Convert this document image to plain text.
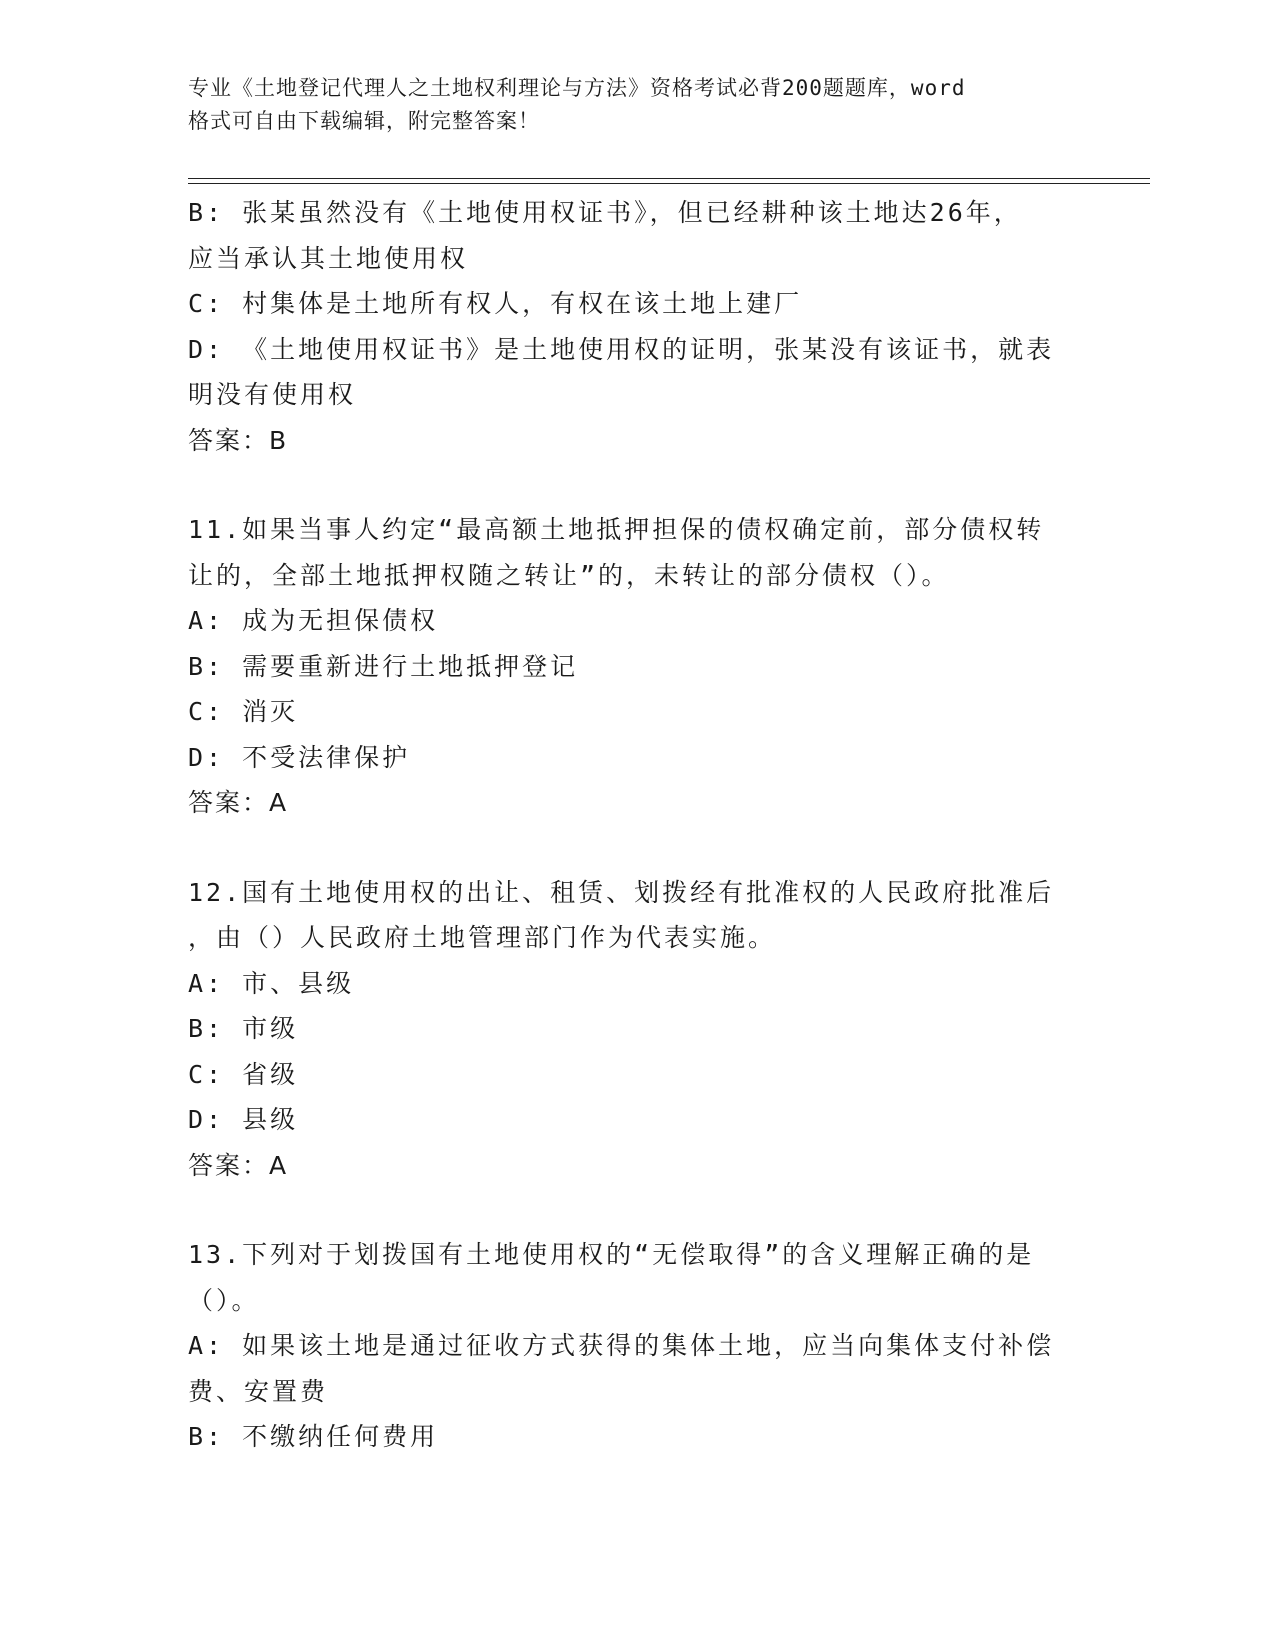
专业《土地登记代理人之土地权利理论与方法》资格考试必背200题题库，word
格式可自由下载编辑，附完整答案！
B: 张某虽然没有《土地使用权证书》，但已经耕种该土地达26年，
应当承认其土地使用权
C: 村集体是土地所有权人，有权在该土地上建厂
D: 《土地使用权证书》是土地使用权的证明，张某没有该证书，就表
明没有使用权
答案：B
11.如果当事人约定“最高额土地抵押担保的债权确定前，部分债权转
让的，全部土地抵押权随之转让”的，未转让的部分债权（）。
A: 成为无担保债权
B: 需要重新进行土地抵押登记
C: 消灭
D: 不受法律保护
答案：A
12.国有土地使用权的出让、租赁、划拨经有批准权的人民政府批准后
，由（）人民政府土地管理部门作为代表实施。
A: 市、县级
B: 市级
C: 省级
D: 县级
答案：A
13.下列对于划拨国有土地使用权的“无偿取得”的含义理解正确的是
（）。
A: 如果该土地是通过征收方式获得的集体土地，应当向集体支付补偿
费、安置费
B: 不缴纳任何费用
